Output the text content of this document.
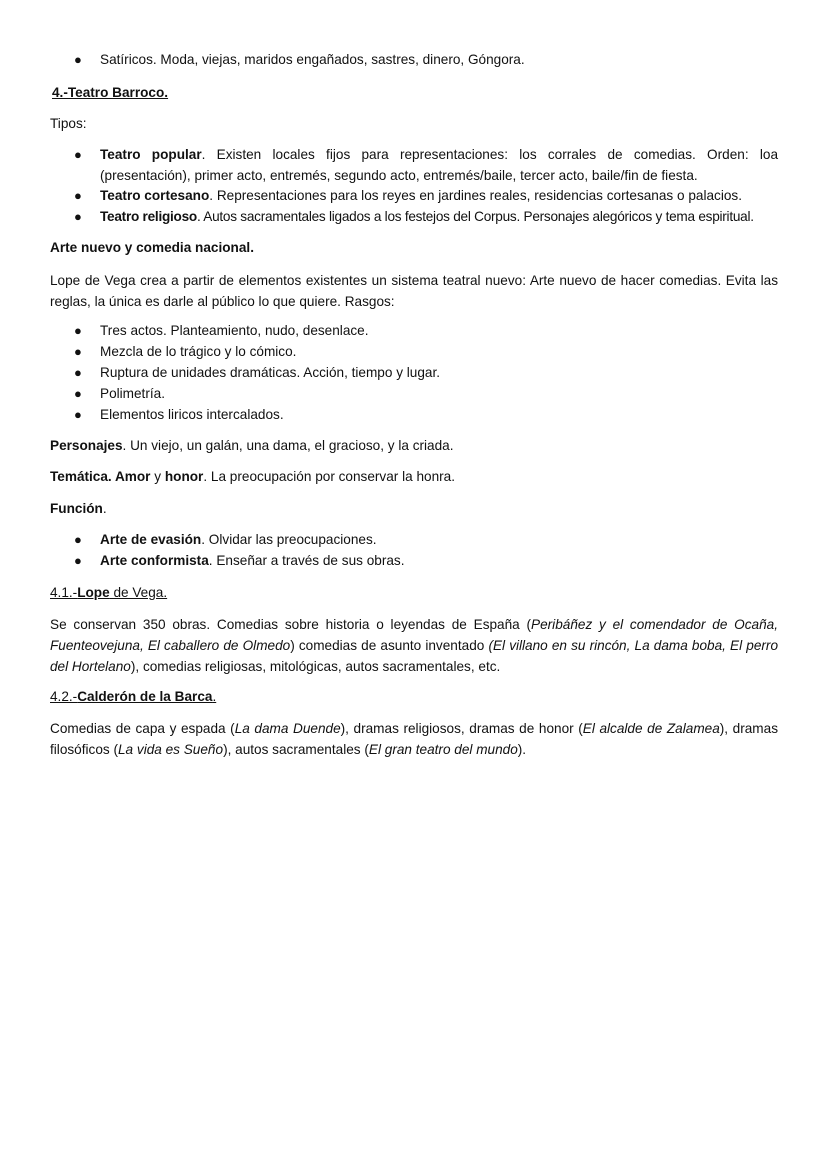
● Satíricos. Moda, viejas, maridos engañados, sastres, dinero, Góngora.
4.-Teatro Barroco.
Tipos:
● Teatro popular. Existen locales fijos para representaciones: los corrales de comedias. Orden: loa (presentación), primer acto, entremés, segundo acto, entremés/baile, tercer acto, baile/fin de fiesta.
● Teatro cortesano. Representaciones para los reyes en jardines reales, residencias cortesanas o palacios.
● Teatro religioso. Autos sacramentales ligados a los festejos del Corpus. Personajes alegóricos y tema espiritual.
Arte nuevo y comedia nacional.
Lope de Vega crea a partir de elementos existentes un sistema teatral nuevo: Arte nuevo de hacer comedias. Evita las reglas, la única es darle al público lo que quiere. Rasgos:
● Tres actos. Planteamiento, nudo, desenlace.
● Mezcla de lo trágico y lo cómico.
● Ruptura de unidades dramáticas. Acción, tiempo y lugar.
● Polimetría.
● Elementos liricos intercalados.
Personajes. Un viejo, un galán, una dama, el gracioso, y la criada.
Temática. Amor y honor. La preocupación por conservar la honra.
Función.
● Arte de evasión. Olvidar las preocupaciones.
● Arte conformista. Enseñar a través de sus obras.
4.1.-Lope de Vega.
Se conservan 350 obras. Comedias sobre historia o leyendas de España (Peribáñez y el comendador de Ocaña, Fuenteovejuna, El caballero de Olmedo) comedias de asunto inventado (El villano en su rincón, La dama boba, El perro del Hortelano), comedias religiosas, mitológicas, autos sacramentales, etc.
4.2.-Calderón de la Barca.
Comedias de capa y espada (La dama Duende), dramas religiosos, dramas de honor (El alcalde de Zalamea), dramas filosóficos (La vida es Sueño), autos sacramentales (El gran teatro del mundo).
